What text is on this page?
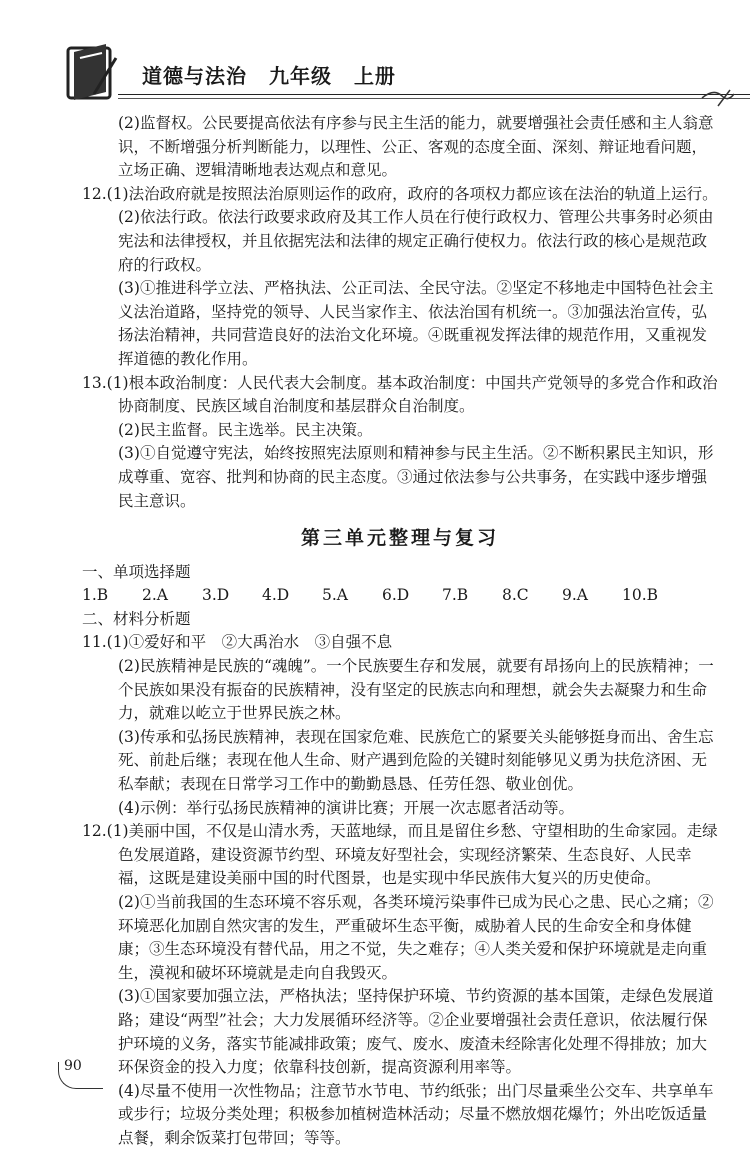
道德与法治 九年级 上册

(2)监督权。公民要提高依法有序参与民主生活的能力，就要增强社会责任感和主人翁意识，不断增强分析判断能力，以理性、公正、客观的态度全面、深刻、辩证地看问题，立场正确、逻辑清晰地表达观点和意见。

12.(1)法治政府就是按照法治原则运作的政府，政府的各项权力都应该在法治的轨道上运行。

(2)依法行政。依法行政要求政府及其工作人员在行使行政权力、管理公共事务时必须由宪法和法律授权，并且依据宪法和法律的规定正确行使权力。依法行政的核心是规范政府的行政权。

(3)①推进科学立法、严格执法、公正司法、全民守法。②坚定不移地走中国特色社会主义法治道路，坚持党的领导、人民当家作主、依法治国有机统一。③加强法治宣传，弘扬法治精神，共同营造良好的法治文化环境。④既重视发挥法律的规范作用，又重视发挥道德的教化作用。

13.(1)根本政治制度：人民代表大会制度。基本政治制度：中国共产党领导的多党合作和政治协商制度、民族区域自治制度和基层群众自治制度。

(2)民主监督。民主选举。民主决策。

(3)①自觉遵守宪法，始终按照宪法原则和精神参与民主生活。②不断积累民主知识，形成尊重、宽容、批判和协商的民主态度。③通过依法参与公共事务，在实践中逐步增强民主意识。

第三单元整理与复习

一、单项选择题

1.B	2.A	3.D	4.D	5.A	6.D	7.B	8.C	9.A	10.B

二、材料分析题

11.(1)①爱好和平　②大禹治水　③自强不息

(2)民族精神是民族的“魂魄”。一个民族要生存和发展，就要有昂扬向上的民族精神；一个民族如果没有振奋的民族精神，没有坚定的民族志向和理想，就会失去凝聚力和生命力，就难以屹立于世界民族之林。

(3)传承和弘扬民族精神，表现在国家危难、民族危亡的紧要关头能够挺身而出、舍生忘死、前赴后继；表现在他人生命、财产遇到危险的关键时刻能够见义勇为扶危济困、无私奉献；表现在日常学习工作中的勤勤恳恳、任劳任怨、敬业创优。

(4)示例：举行弘扬民族精神的演讲比赛；开展一次志愿者活动等。

12.(1)美丽中国，不仅是山清水秀，天蓝地绿，而且是留住乡愁、守望相助的生命家园。走绿色发展道路，建设资源节约型、环境友好型社会，实现经济繁荣、生态良好、人民幸福，这既是建设美丽中国的时代图景，也是实现中华民族伟大复兴的历史使命。

(2)①当前我国的生态环境不容乐观，各类环境污染事件已成为民心之患、民心之痛；②环境恶化加剧自然灾害的发生，严重破坏生态平衡，威胁着人民的生命安全和身体健康；③生态环境没有替代品，用之不觉，失之难存；④人类关爱和保护环境就是走向重生，漠视和破坏环境就是走向自我毁灭。

(3)①国家要加强立法，严格执法；坚持保护环境、节约资源的基本国策，走绿色发展道路；建设“两型”社会；大力发展循环经济等。②企业要增强社会责任意识，依法履行保护环境的义务，落实节能减排政策；废气、废水、废渣未经除害化处理不得排放；加大环保资金的投入力度；依靠科技创新，提高资源利用率等。

(4)尽量不使用一次性物品；注意节水节电、节约纸张；出门尽量乘坐公交车、共享单车或步行；垃圾分类处理；积极参加植树造林活动；尽量不燃放烟花爆竹；外出吃饭适量点餐，剩余饭菜打包带回；等等。

90
